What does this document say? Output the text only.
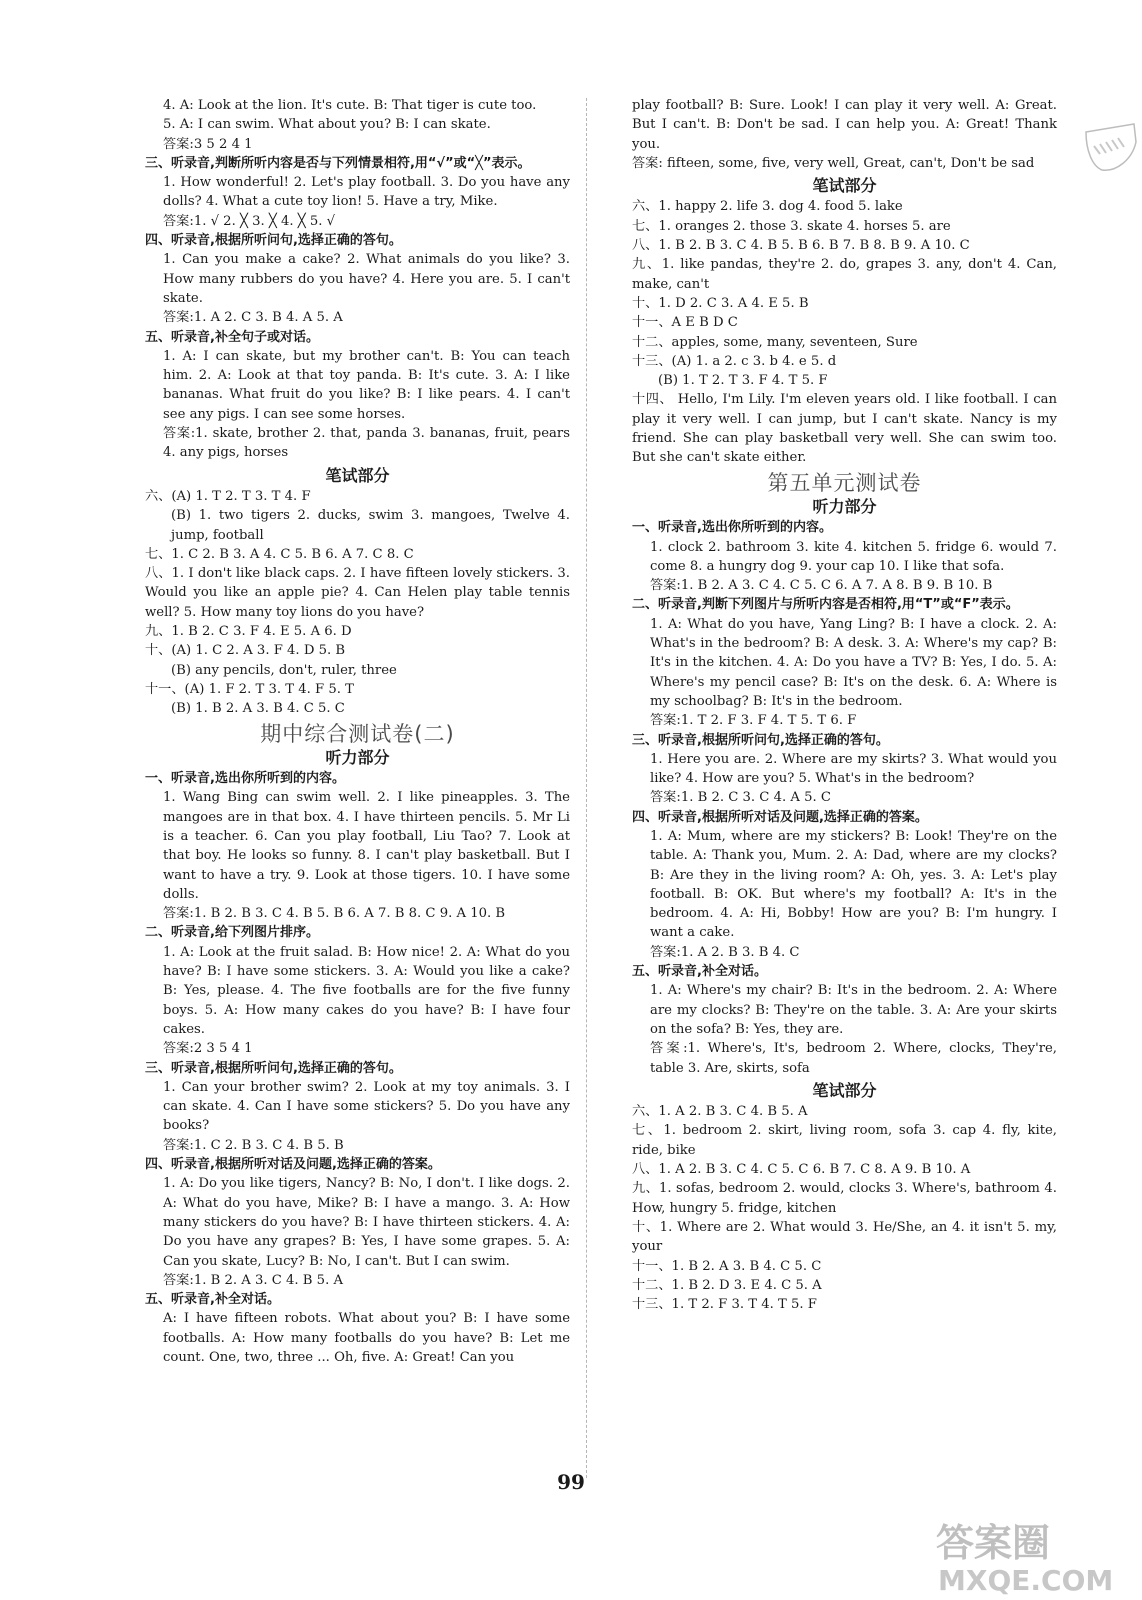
4. A: Look at the lion. It's cute. B: That tiger is cute too.
5. A: I can swim. What about you? B: I can skate.
答案:3 5 2 4 1
三、听录音,判断所听内容是否与下列情景相符,用“√”或“╳”表示。
1. How wonderful! 2. Let's play football. 3. Do you have any dolls? 4. What a cute toy lion! 5. Have a try, Mike.
答案:1. √ 2. ╳ 3. ╳ 4. ╳ 5. √
四、听录音,根据所听问句,选择正确的答句。
1. Can you make a cake? 2. What animals do you like? 3. How many rubbers do you have? 4. Here you are. 5. I can't skate.
答案:1. A 2. C 3. B 4. A 5. A
五、听录音,补全句子或对话。
1. A: I can skate, but my brother can't. B: You can teach him. 2. A: Look at that toy panda. B: It's cute. 3. A: I like bananas. What fruit do you like? B: I like pears. 4. I can't see any pigs. I can see some horses.
答案:1. skate, brother 2. that, panda 3. bananas, fruit, pears 4. any pigs, horses
笔试部分
六、(A) 1. T 2. T 3. T 4. F
(B) 1. two tigers 2. ducks, swim 3. mangoes, Twelve 4. jump, football
七、1. C 2. B 3. A 4. C 5. B 6. A 7. C 8. C
八、1. I don't like black caps. 2. I have fifteen lovely stickers. 3. Would you like an apple pie? 4. Can Helen play table tennis well? 5. How many toy lions do you have?
九、1. B 2. C 3. F 4. E 5. A 6. D
十、(A) 1. C 2. A 3. F 4. D 5. B
(B) any pencils, don't, ruler, three
十一、(A) 1. F 2. T 3. T 4. F 5. T
(B) 1. B 2. A 3. B 4. C 5. C
期中综合测试卷(二)
听力部分
一、听录音,选出你所听到的内容。
1. Wang Bing can swim well. 2. I like pineapples. 3. The mangoes are in that box. 4. I have thirteen pencils. 5. Mr Li is a teacher. 6. Can you play football, Liu Tao? 7. Look at that boy. He looks so funny. 8. I can't play basketball. But I want to have a try. 9. Look at those tigers. 10. I have some dolls.
答案:1. B 2. B 3. C 4. B 5. B 6. A 7. B 8. C 9. A 10. B
二、听录音,给下列图片排序。
1. A: Look at the fruit salad. B: How nice! 2. A: What do you have? B: I have some stickers. 3. A: Would you like a cake? B: Yes, please. 4. The five footballs are for the five funny boys. 5. A: How many cakes do you have? B: I have four cakes.
答案:2 3 5 4 1
三、听录音,根据所听问句,选择正确的答句。
1. Can your brother swim? 2. Look at my toy animals. 3. I can skate. 4. Can I have some stickers? 5. Do you have any books?
答案:1. C 2. B 3. C 4. B 5. B
四、听录音,根据所听对话及问题,选择正确的答案。
1. A: Do you like tigers, Nancy? B: No, I don't. I like dogs. 2. A: What do you have, Mike? B: I have a mango. 3. A: How many stickers do you have? B: I have thirteen stickers. 4. A: Do you have any grapes? B: Yes, I have some grapes. 5. A: Can you skate, Lucy? B: No, I can't. But I can swim.
答案:1. B 2. A 3. C 4. B 5. A
五、听录音,补全对话。
A: I have fifteen robots. What about you? B: I have some footballs. A: How many footballs do you have? B: Let me count. One, two, three ... Oh, five. A: Great! Can you
play football? B: Sure. Look! I can play it very well. A: Great. But I can't. B: Don't be sad. I can help you. A: Great! Thank you.
答案: fifteen, some, five, very well, Great, can't, Don't be sad
笔试部分
六、1. happy 2. life 3. dog 4. food 5. lake
七、1. oranges 2. those 3. skate 4. horses 5. are
八、1. B 2. B 3. C 4. B 5. B 6. B 7. B 8. B 9. A 10. C
九、1. like pandas, they're 2. do, grapes 3. any, don't 4. Can, make, can't
十、1. D 2. C 3. A 4. E 5. B
十一、A E B D C
十二、apples, some, many, seventeen, Sure
十三、(A) 1. a 2. c 3. b 4. e 5. d
(B) 1. T 2. T 3. F 4. T 5. F
十四、 Hello, I'm Lily. I'm eleven years old. I like football. I can play it very well. I can jump, but I can't skate. Nancy is my friend. She can play basketball very well. She can swim too. But she can't skate either.
第五单元测试卷
听力部分
一、听录音,选出你所听到的内容。
1. clock 2. bathroom 3. kite 4. kitchen 5. fridge 6. would 7. come 8. a hungry dog 9. your cap 10. I like that sofa.
答案:1. B 2. A 3. C 4. C 5. C 6. A 7. A 8. B 9. B 10. B
二、听录音,判断下列图片与所听内容是否相符,用“T”或“F”表示。
1. A: What do you have, Yang Ling? B: I have a clock. 2. A: What's in the bedroom? B: A desk. 3. A: Where's my cap? B: It's in the kitchen. 4. A: Do you have a TV? B: Yes, I do. 5. A: Where's my pencil case? B: It's on the desk. 6. A: Where is my schoolbag? B: It's in the bedroom.
答案:1. T 2. F 3. F 4. T 5. T 6. F
三、听录音,根据所听问句,选择正确的答句。
1. Here you are. 2. Where are my skirts? 3. What would you like? 4. How are you? 5. What's in the bedroom?
答案:1. B 2. C 3. C 4. A 5. C
四、听录音,根据所听对话及问题,选择正确的答案。
1. A: Mum, where are my stickers? B: Look! They're on the table. A: Thank you, Mum. 2. A: Dad, where are my clocks? B: Are they in the living room? A: Oh, yes. 3. A: Let's play football. B: OK. But where's my football? A: It's in the bedroom. 4. A: Hi, Bobby! How are you? B: I'm hungry. I want a cake.
答案:1. A 2. B 3. B 4. C
五、听录音,补全对话。
1. A: Where's my chair? B: It's in the bedroom. 2. A: Where are my clocks? B: They're on the table. 3. A: Are your skirts on the sofa? B: Yes, they are.
答案:1. Where's, It's, bedroom 2. Where, clocks, They're, table 3. Are, skirts, sofa
笔试部分
六、1. A 2. B 3. C 4. B 5. A
七、1. bedroom 2. skirt, living room, sofa 3. cap 4. fly, kite, ride, bike
八、1. A 2. B 3. C 4. C 5. C 6. B 7. C 8. A 9. B 10. A
九、1. sofas, bedroom 2. would, clocks 3. Where's, bathroom 4. How, hungry 5. fridge, kitchen
十、1. Where are 2. What would 3. He/She, an 4. it isn't 5. my, your
十一、1. B 2. A 3. B 4. C 5. C
十二、1. B 2. D 3. E 4. C 5. A
十三、1. T 2. F 3. T 4. T 5. F
99
答案圈
MXQE.COM
